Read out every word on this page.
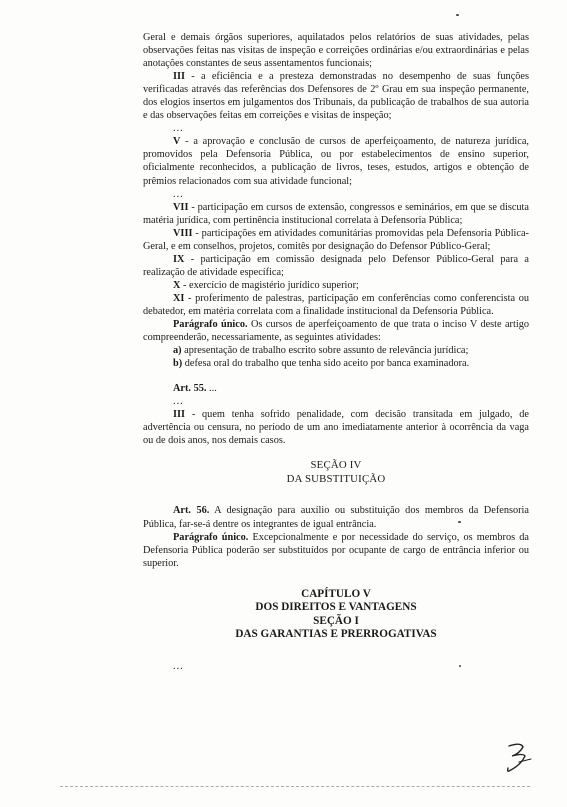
Geral e demais órgãos superiores, aquilatados pelos relatórios de suas atividades, pelas observações feitas nas visitas de inspeção e correições ordinárias e/ou extraordinárias e pelas anotações constantes de seus assentamentos funcionais;

III - a eficiência e a presteza demonstradas no desempenho de suas funções verificadas através das referências dos Defensores de 2º Grau em sua inspeção permanente, dos elogios insertos em julgamentos dos Tribunais, da publicação de trabalhos de sua autoria e das observações feitas em correições e visitas de inspeção;

...

V - a aprovação e conclusão de cursos de aperfeiçoamento, de natureza jurídica, promovidos pela Defensoria Pública, ou por estabelecimentos de ensino superior, oficialmente reconhecidos, a publicação de livros, teses, estudos, artigos e obtenção de prêmios relacionados com sua atividade funcional;

...

VII - participação em cursos de extensão, congressos e seminários, em que se discuta matéria jurídica, com pertinência institucional correlata à Defensoria Pública;

VIII - participações em atividades comunitárias promovidas pela Defensoria Pública-Geral, e em conselhos, projetos, comitês por designação do Defensor Público-Geral;

IX - participação em comissão designada pelo Defensor Público-Geral para a realização de atividade específica;

X - exercício de magistério jurídico superior;

XI - proferimento de palestras, participação em conferências como conferencista ou debatedor, em matéria correlata com a finalidade institucional da Defensoria Pública.

Parágrafo único. Os cursos de aperfeiçoamento de que trata o inciso V deste artigo compreenderão, necessariamente, as seguintes atividades:

a) apresentação de trabalho escrito sobre assunto de relevância jurídica;

b) defesa oral do trabalho que tenha sido aceito por banca examinadora.

Art. 55. ...

...

III - quem tenha sofrido penalidade, com decisão transitada em julgado, de advertência ou censura, no período de um ano imediatamente anterior à ocorrência da vaga ou de dois anos, nos demais casos.

SEÇÃO IV

DA SUBSTITUIÇÃO

Art. 56. A designação para auxílio ou substituição dos membros da Defensoria Pública, far-se-á dentre os integrantes de igual entrância.

Parágrafo único. Excepcionalmente e por necessidade do serviço, os membros da Defensoria Pública poderão ser substituídos por ocupante de cargo de entrância inferior ou superior.

CAPÍTULO V

DOS DIREITOS E VANTAGENS

SEÇÃO I

DAS GARANTIAS E PRERROGATIVAS

...
